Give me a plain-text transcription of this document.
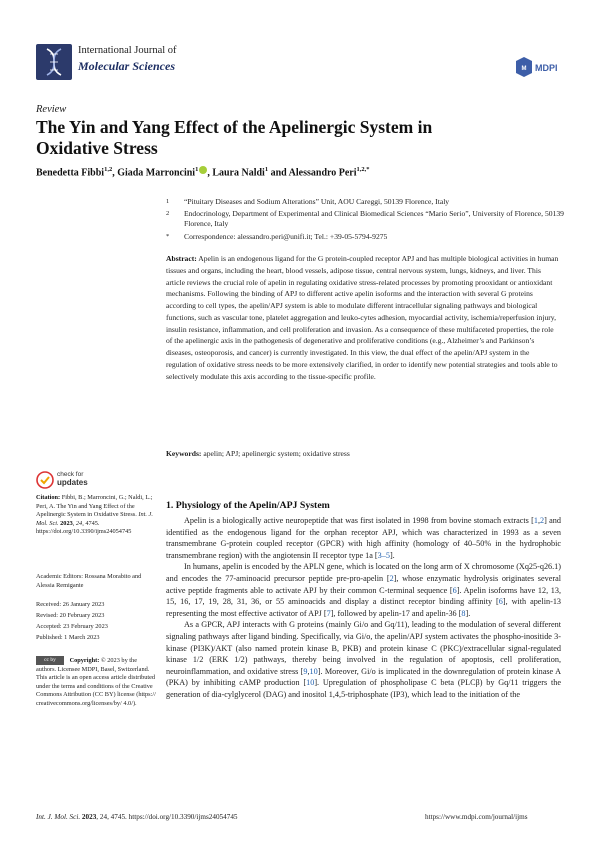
International Journal of
Molecular Sciences	M MDPI
Review
The Yin and Yang Effect of the Apelinergic System in Oxidative Stress
Benedetta Fibbi$^{1,2}$, Giada Marroncini$^1$ , Laura Naldi$^1$ and Alessandro Peri$^{1,2,*}$
1 “Pituitary Diseases and Sodium Alterations” Unit, AOU Careggi, 50139 Florence, Italy
2 Endocrinology, Department of Experimental and Clinical Biomedical Sciences “Mario Serio”, University of Florence, 50139 Florence, Italy
* Correspondence: alessandro.peri@unifi.it; Tel.: +39-05-5794-9275
Abstract: Apelin is an endogenous ligand for the G protein-coupled receptor APJ and has multiple biological activities in human tissues and organs, including the heart, blood vessels, adipose tissue, central nervous system, lungs, kidneys, and liver. This article reviews the crucial role of apelin in regulating oxidative stress-related processes by promoting prooxidant or antioxidant mechanisms. Following the binding of APJ to different active apelin isoforms and the interaction with several G proteins according to cell types, the apelin/APJ system is able to modulate different intracellular signaling pathways and biological functions, such as vascular tone, platelet aggregation and leuko-cytes adhesion, myocardial activity, ischemia/reperfusion injury, insulin resistance, inflammation, and cell proliferation and invasion. As a consequence of these multifaceted properties, the role of the apelinergic axis in the pathogenesis of degenerative and proliferative conditions (e.g., Alzheimer’s and Parkinson’s diseases, osteoporosis, and cancer) is currently investigated. In this view, the dual effect of the apelin/APJ system in the regulation of oxidative stress needs to be more extensively clarified, in order to identify new potential strategies and tools able to selectively modulate this axis according to the tissue-specific profile.
Keywords: apelin; APJ; apelinergic system; oxidative stress
check for
updates
Citation: Fibbi, B.; Marroncini, G.; Naldi, L.; Peri, A. The Yin and Yang Effect of the Apelinergic System in Oxidative Stress. Int. J. Mol. Sci. 2023, 24, 4745. https://doi.org/10.3390/ijms24054745
Academic Editors: Rossana Morabito and Alessia Remigante
Received: 26 January 2023
Revised: 20 February 2023
Accepted: 23 February 2023
Published: 1 March 2023
cc by Copyright: © 2023 by the authors. Licensee MDPI, Basel, Switzerland. This article is an open access article distributed under the terms and conditions of the Creative Commons Attribution (CC BY) license (https:// creativecommons.org/licenses/by/ 4.0/).
1. Physiology of the Apelin/APJ System

Apelin is a biologically active neuropeptide that was first isolated in 1998 from bovine stomach extracts [1,2] and identified as the endogenous ligand for the orphan receptor APJ, which was characterized in 1993 as a seven transmembrane G-protein coupled receptor (GPCR) with high affinity (homology of 40–50% in the hydrophobic transmembrane region) with the angiotensin II receptor type 1a [3–5].

In humans, apelin is encoded by the APLN gene, which is located on the long arm of X chromosome (Xq25-q26.1) and encodes the 77-aminoacid precursor peptide pre-pro-apelin [2], whose enzymatic hydrolysis originates several active peptide fragments able to activate APJ by their common C-terminal sequence [6]. Apelin isoforms have 12, 13, 15, 16, 17, 19, 28, 31, 36, or 55 aminoacids and display a distinct receptor binding affinity [6], with apelin-13 representing the most effective activator of APJ [7], followed by apelin-17 and apelin-36 [8].

As a GPCR, APJ interacts with G proteins (mainly Gi/o and Gq/11), leading to the modulation of several different signaling pathways after ligand binding. Specifically, via Gi/o, the apelin/APJ system activates the phospho-inositide 3-kinase (PI3K)/AKT (also named protein kinase B, PKB) and protein kinase C (PKC)/extracellular signal-regulated kinase 1/2 (ERK 1/2) pathways, thereby being involved in the regulation of apoptosis, cell proliferation, neuroinflammation, and oxidative stress [9,10]. Moreover, Gi/o is implicated in the downregulation of protein kinase A (PKA) by inhibiting cAMP production [10]. Upregulation of phospholipase C beta (PLCβ) by Gq/11 triggers the generation of dia-cylglycerol (DAG) and inositol 1,4,5-triphosphate (IP3), which lead to the initiation of the

Int. J. Mol. Sci. 2023, 24, 4745. https://doi.org/10.3390/ijms24054745	https://www.mdpi.com/journal/ijms
